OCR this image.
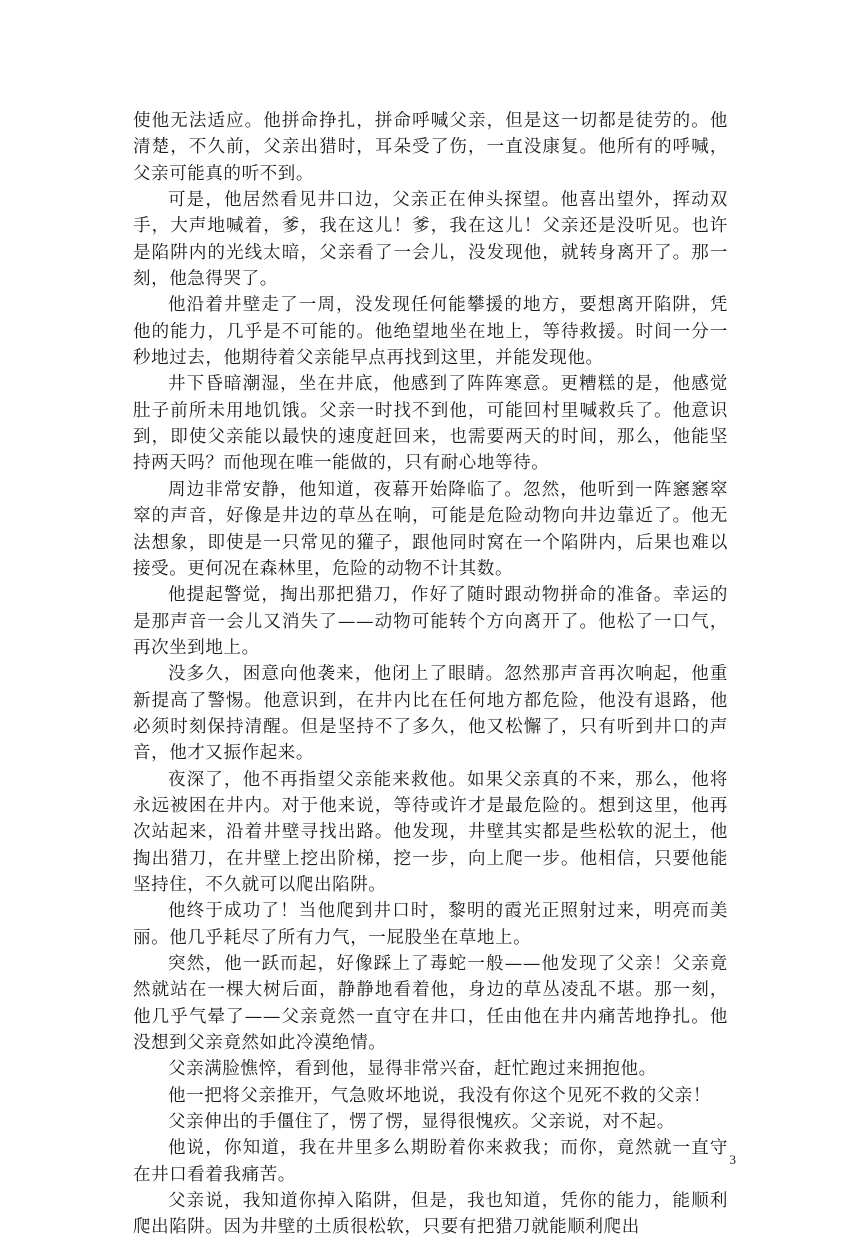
使他无法适应。他拼命挣扎，拼命呼喊父亲，但是这一切都是徒劳的。他清楚，不久前，父亲出猎时，耳朵受了伤，一直没康复。他所有的呼喊，父亲可能真的听不到。

可是，他居然看见井口边，父亲正在伸头探望。他喜出望外，挥动双手，大声地喊着，爹，我在这儿！爹，我在这儿！父亲还是没听见。也许是陷阱内的光线太暗，父亲看了一会儿，没发现他，就转身离开了。那一刻，他急得哭了。

他沿着井壁走了一周，没发现任何能攀援的地方，要想离开陷阱，凭他的能力，几乎是不可能的。他绝望地坐在地上，等待救援。时间一分一秒地过去，他期待着父亲能早点再找到这里，并能发现他。

井下昏暗潮湿，坐在井底，他感到了阵阵寒意。更糟糕的是，他感觉肚子前所未用地饥饿。父亲一时找不到他，可能回村里喊救兵了。他意识到，即使父亲能以最快的速度赶回来，也需要两天的时间，那么，他能坚持两天吗？而他现在唯一能做的，只有耐心地等待。

周边非常安静，他知道，夜幕开始降临了。忽然，他听到一阵窸窸窣窣的声音，好像是井边的草丛在响，可能是危险动物向井边靠近了。他无法想象，即使是一只常见的獾子，跟他同时窝在一个陷阱内，后果也难以接受。更何况在森林里，危险的动物不计其数。

他提起警觉，掏出那把猎刀，作好了随时跟动物拼命的准备。幸运的是那声音一会儿又消失了——动物可能转个方向离开了。他松了一口气，再次坐到地上。

没多久，困意向他袭来，他闭上了眼睛。忽然那声音再次响起，他重新提高了警惕。他意识到，在井内比在任何地方都危险，他没有退路，他必须时刻保持清醒。但是坚持不了多久，他又松懈了，只有听到井口的声音，他才又振作起来。

夜深了，他不再指望父亲能来救他。如果父亲真的不来，那么，他将永远被困在井内。对于他来说，等待或许才是最危险的。想到这里，他再次站起来，沿着井壁寻找出路。他发现，井壁其实都是些松软的泥土，他掏出猎刀，在井壁上挖出阶梯，挖一步，向上爬一步。他相信，只要他能坚持住，不久就可以爬出陷阱。

他终于成功了！当他爬到井口时，黎明的霞光正照射过来，明亮而美丽。他几乎耗尽了所有力气，一屁股坐在草地上。

突然，他一跃而起，好像踩上了毒蛇一般——他发现了父亲！父亲竟然就站在一棵大树后面，静静地看着他，身边的草丛凌乱不堪。那一刻，他几乎气晕了——父亲竟然一直守在井口，任由他在井内痛苦地挣扎。他没想到父亲竟然如此冷漠绝情。

父亲满脸憔悴，看到他，显得非常兴奋，赶忙跑过来拥抱他。

他一把将父亲推开，气急败坏地说，我没有你这个见死不救的父亲！

父亲伸出的手僵住了，愣了愣，显得很愧疚。父亲说，对不起。

他说，你知道，我在井里多么期盼着你来救我；而你，竟然就一直守在井口看着我痛苦。

父亲说，我知道你掉入陷阱，但是，我也知道，凭你的能力，能顺利爬出陷阱。因为井壁的土质很松软，只要有把猎刀就能顺利爬出

3
